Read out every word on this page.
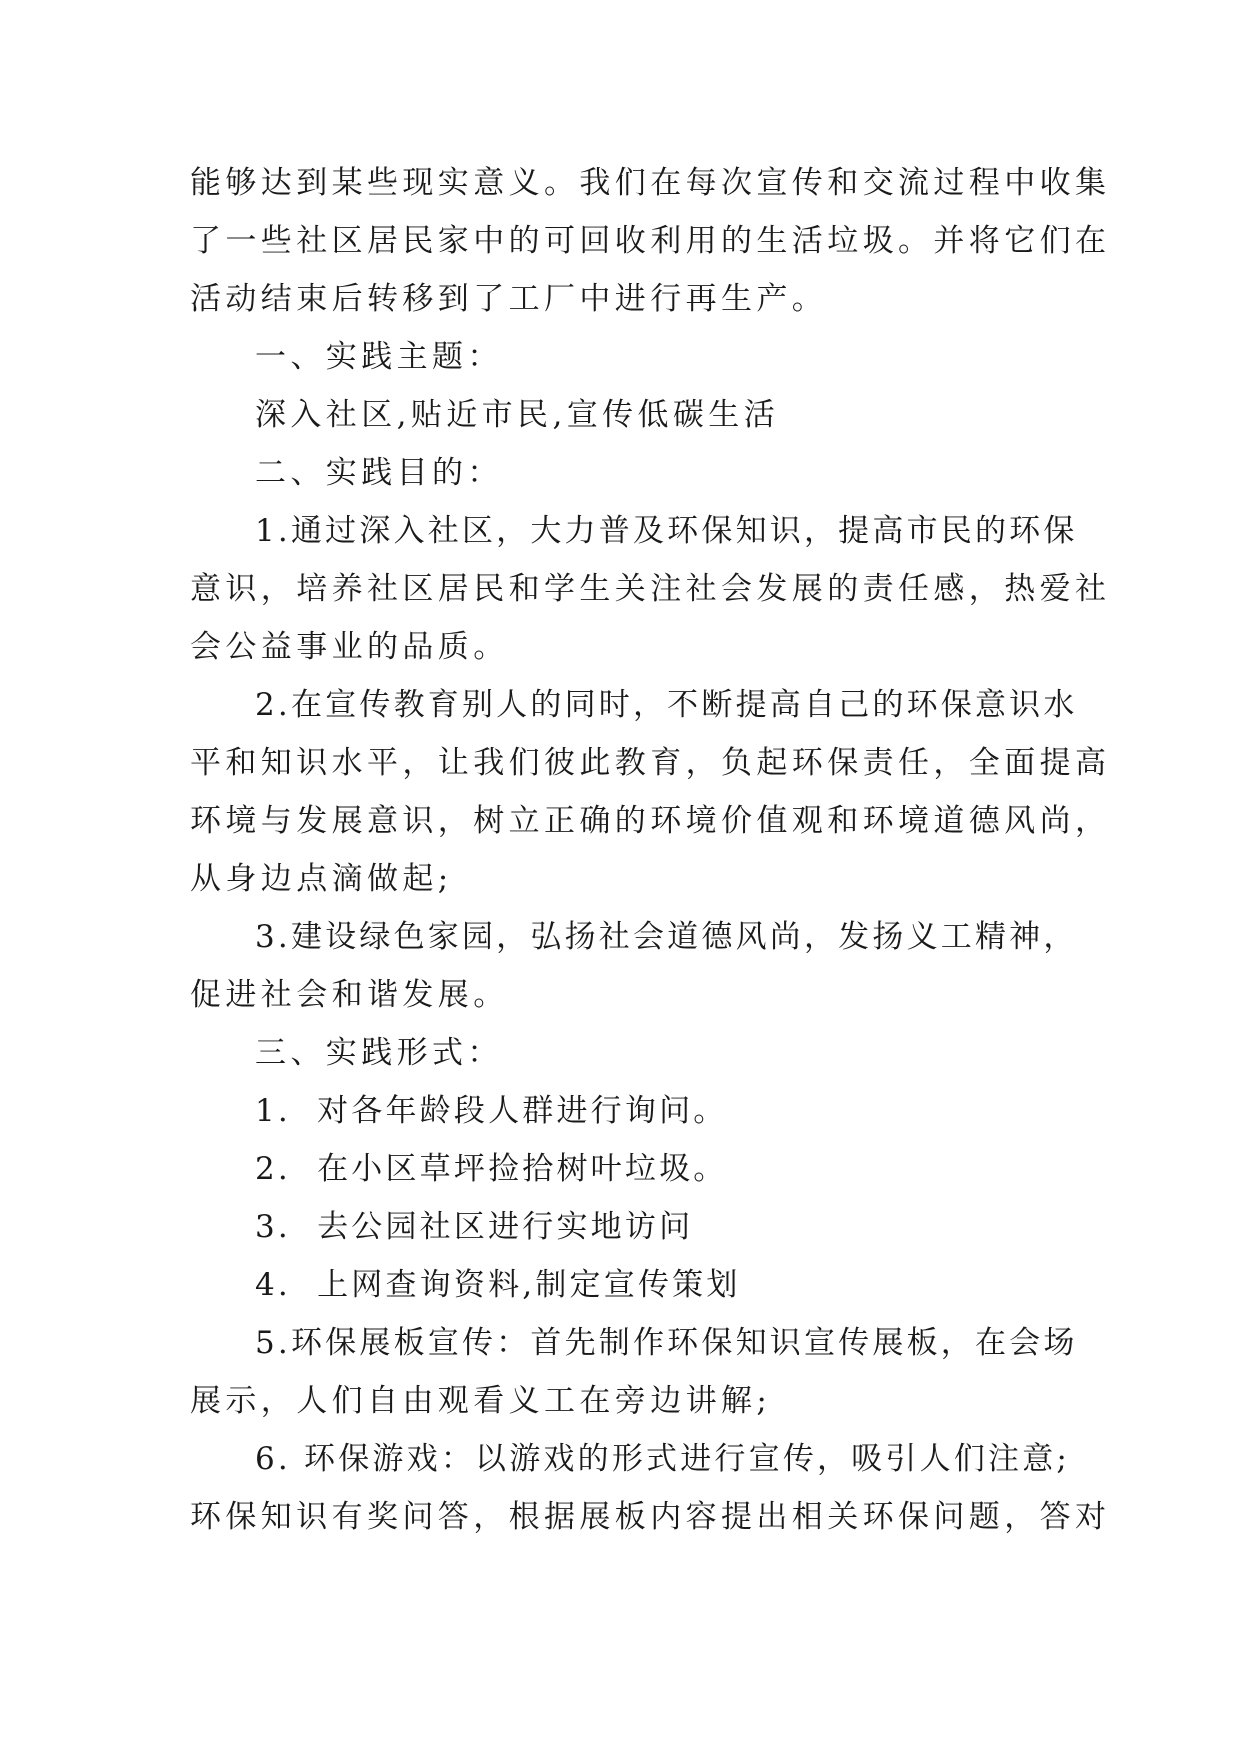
能够达到某些现实意义。我们在每次宣传和交流过程中收集
了一些社区居民家中的可回收利用的生活垃圾。并将它们在
活动结束后转移到了工厂中进行再生产。
一、实践主题：
深入社区,贴近市民,宣传低碳生活
二、实践目的：
1.通过深入社区，大力普及环保知识，提高市民的环保
意识，培养社区居民和学生关注社会发展的责任感，热爱社
会公益事业的品质。
2.在宣传教育别人的同时，不断提高自己的环保意识水
平和知识水平，让我们彼此教育，负起环保责任，全面提高
环境与发展意识，树立正确的环境价值观和环境道德风尚，
从身边点滴做起;
3.建设绿色家园，弘扬社会道德风尚，发扬义工精神，
促进社会和谐发展。
三、实践形式：
1.  对各年龄段人群进行询问。
2.  在小区草坪捡拾树叶垃圾。
3.  去公园社区进行实地访问
4.  上网查询资料,制定宣传策划
5.环保展板宣传：首先制作环保知识宣传展板，在会场
展示，人们自由观看义工在旁边讲解;
6. 环保游戏：以游戏的形式进行宣传，吸引人们注意;
环保知识有奖问答，根据展板内容提出相关环保问题，答对
